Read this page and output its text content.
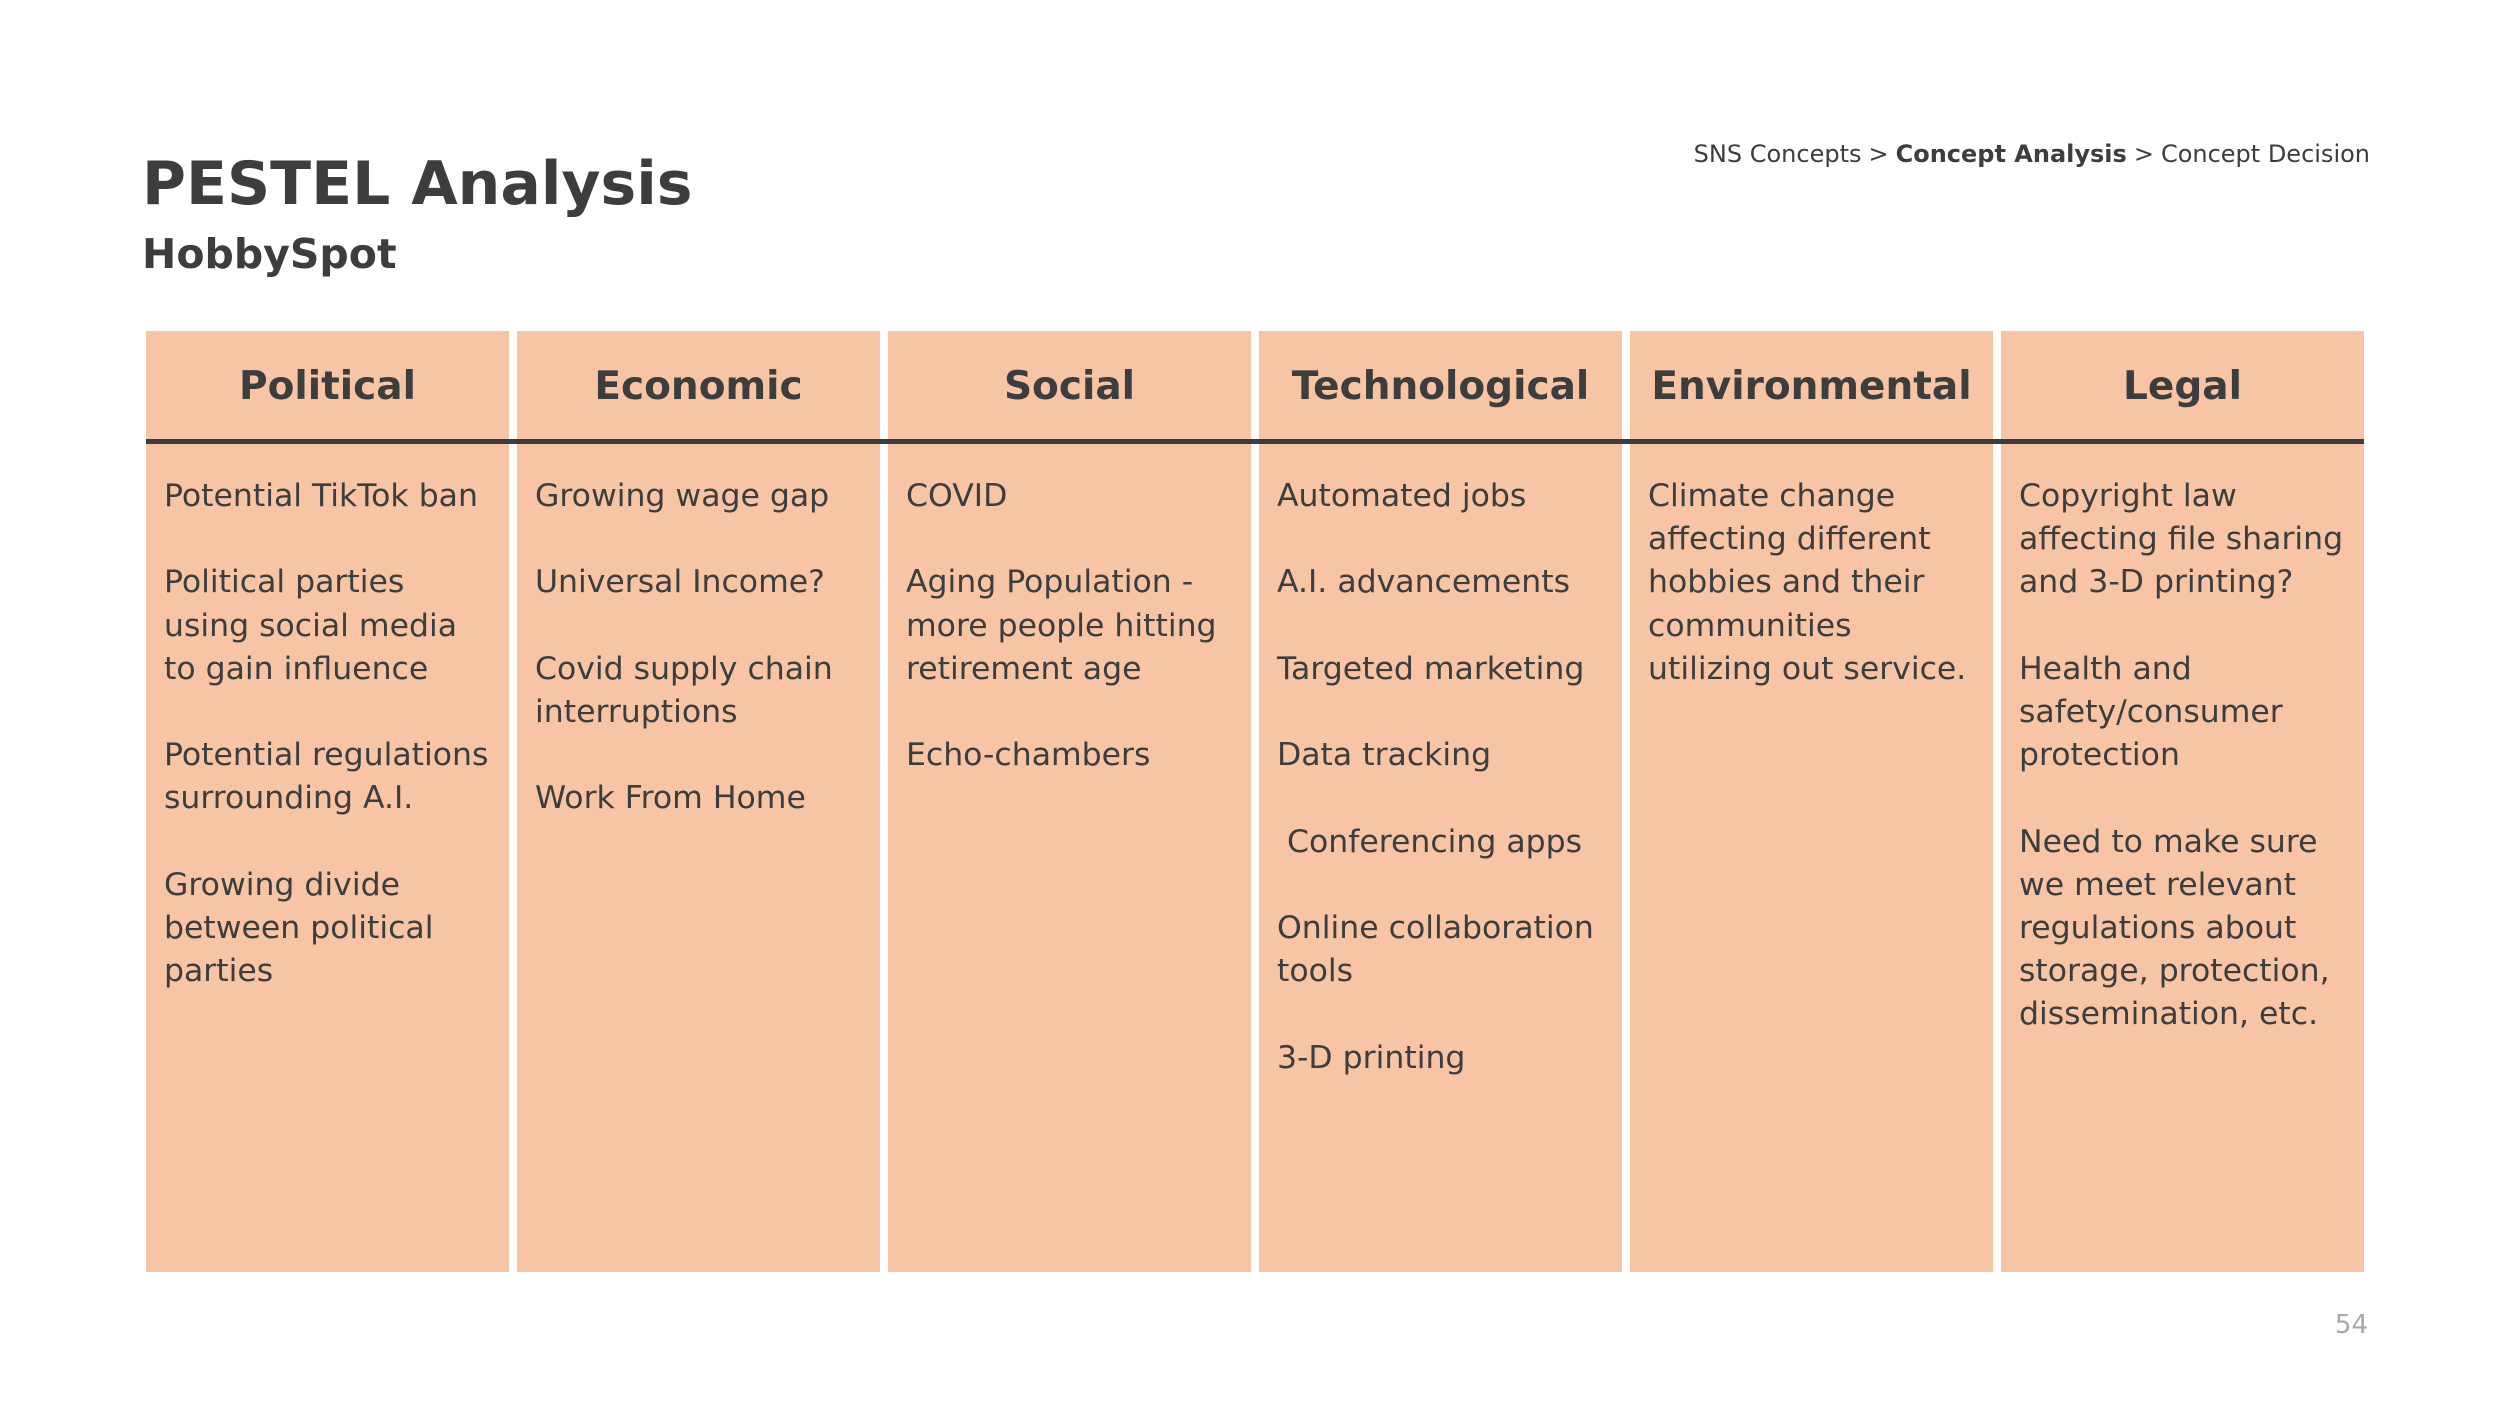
SNS Concepts > Concept Analysis > Concept Decision
PESTEL Analysis
HobbySpot
Political

Potential TikTok ban

Political parties using social media to gain influence

Potential regulations surrounding A.I.

Growing divide between political parties

Economic

Growing wage gap

Universal Income?

Covid supply chain interruptions

Work From Home

Social

COVID

Aging Population - more people hitting retirement age

Echo-chambers

Technological

Automated jobs

A.I. advancements

Targeted marketing

Data tracking

Conferencing apps

Online collaboration tools

3-D printing

Environmental

Climate change affecting different hobbies and their communities utilizing out service.

Legal

Copyright law affecting file sharing and 3-D printing?

Health and safety/consumer protection

Need to make sure we meet relevant regulations about storage, protection, dissemination, etc.

54
